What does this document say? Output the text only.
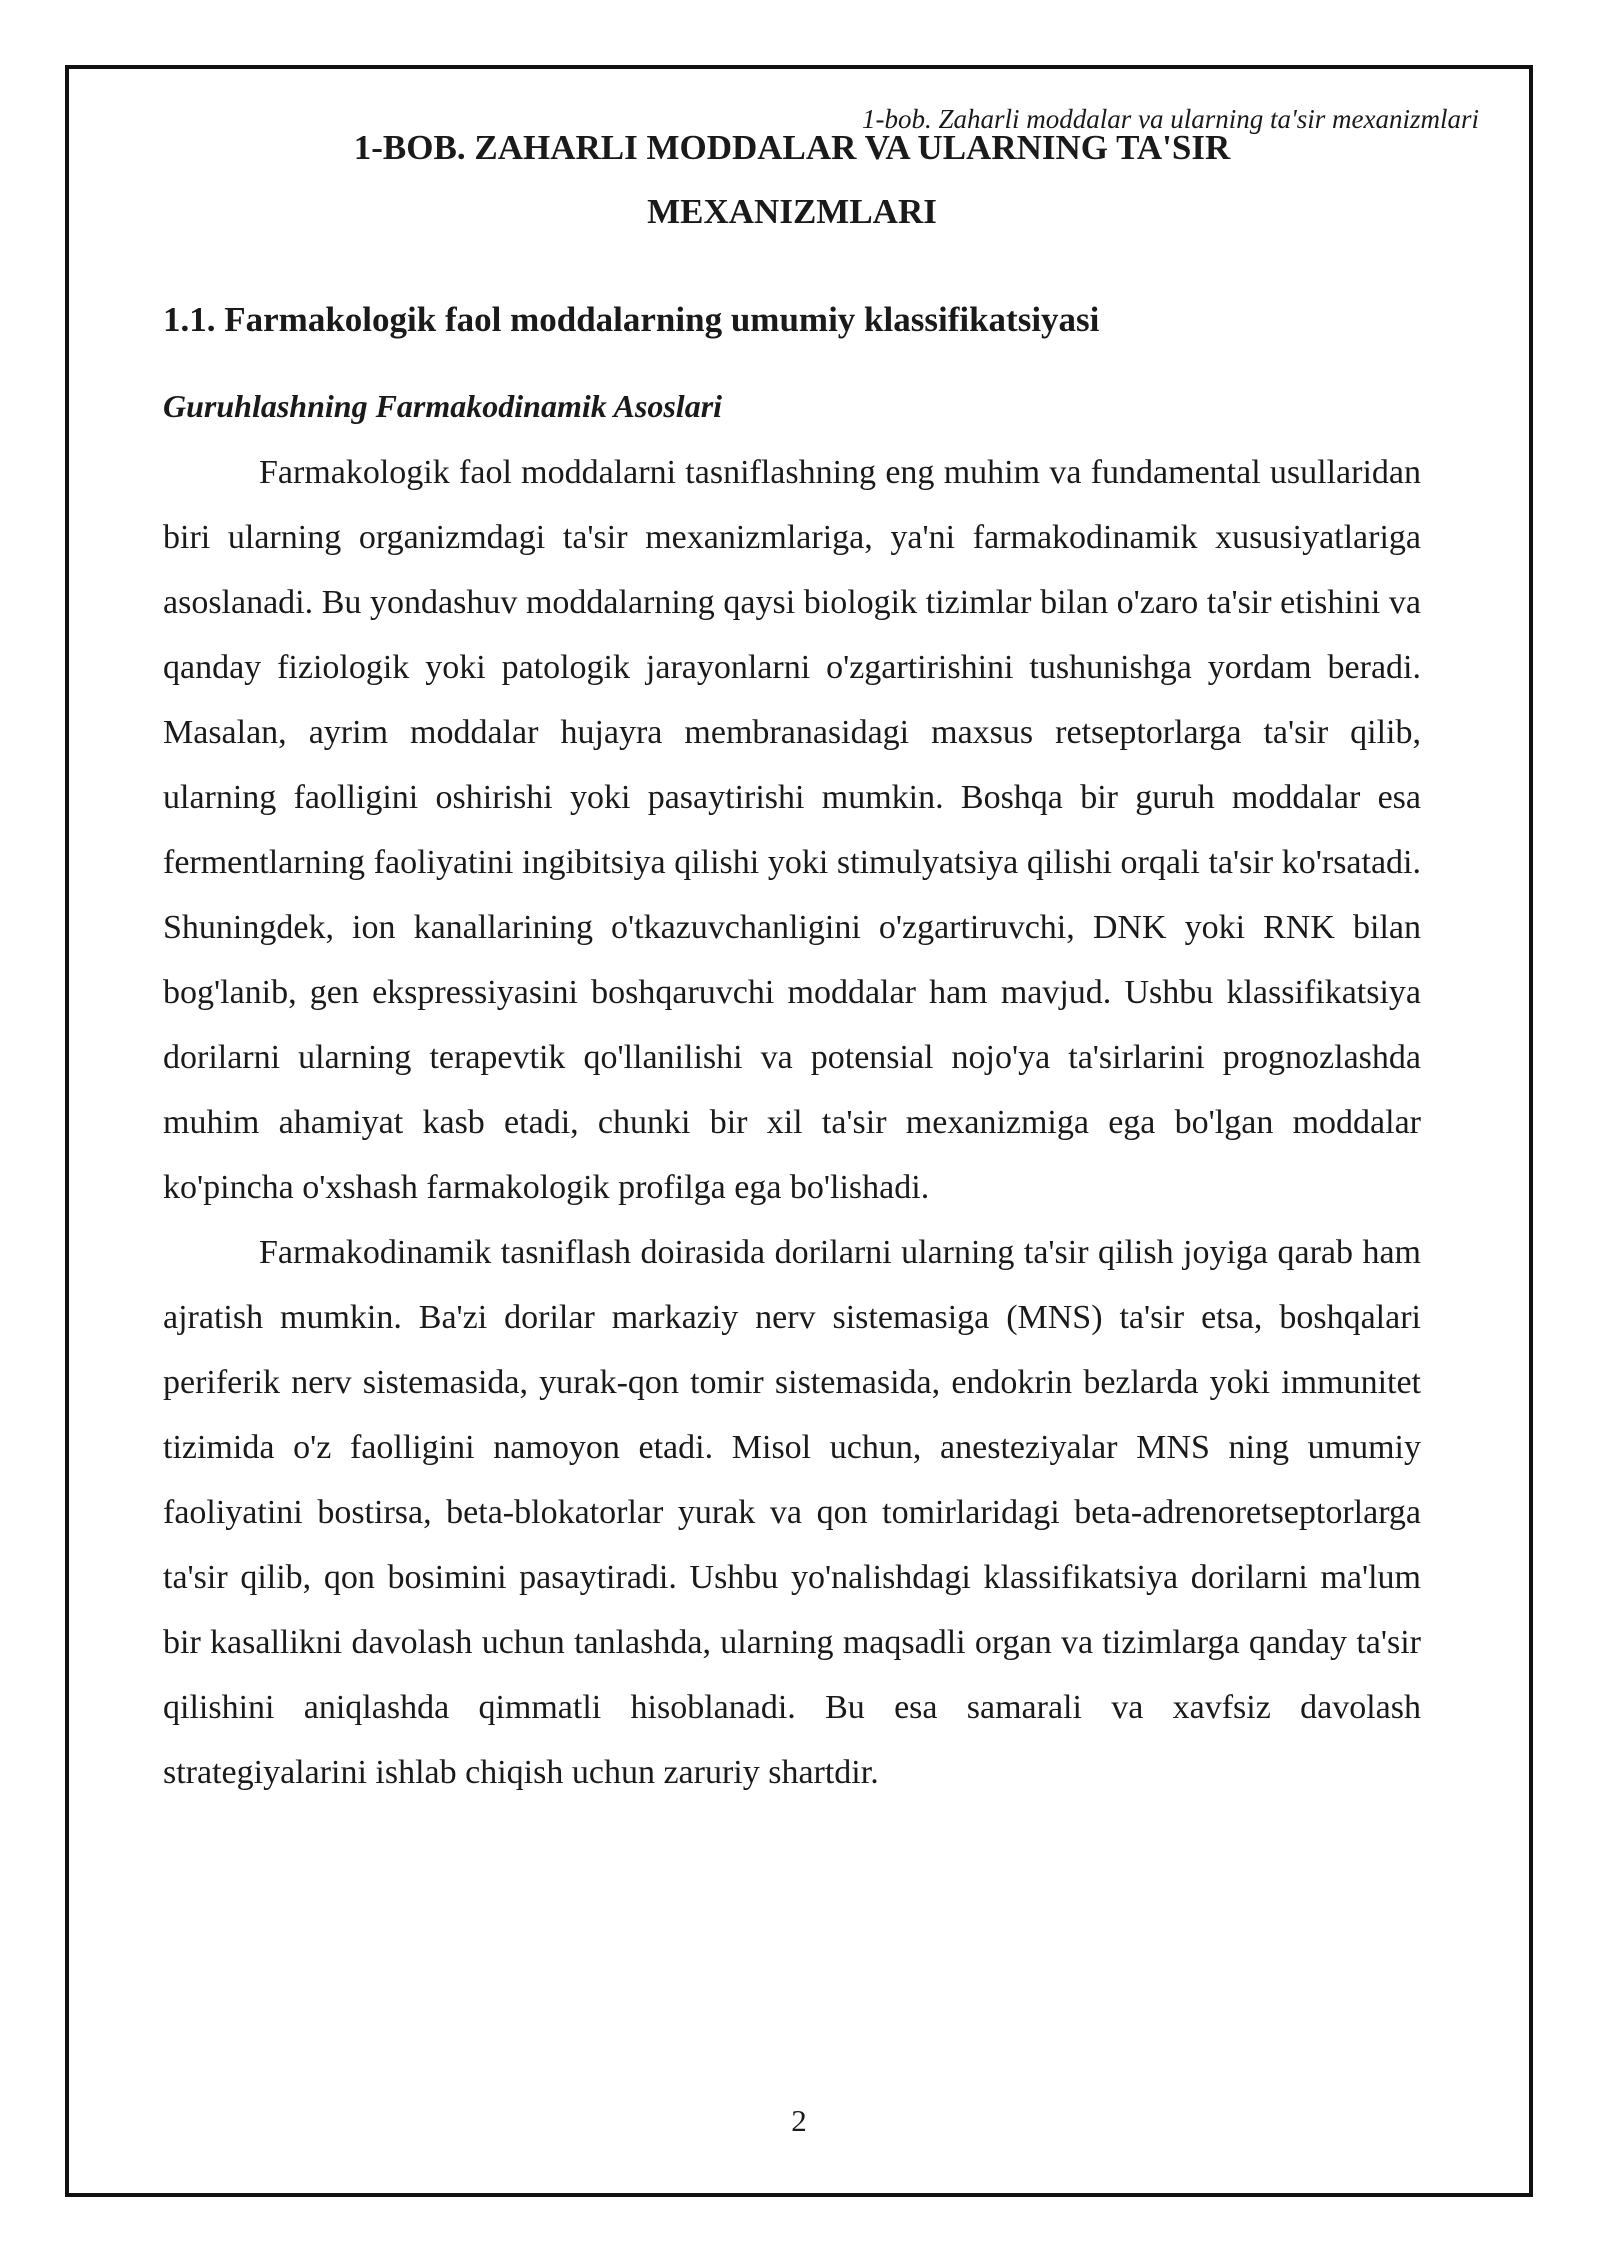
1-bob. Zaharli moddalar va ularning ta'sir mexanizmlari
2
1-BOB. ZAHARLI MODDALAR VA ULARNING TA'SIR
MEXANIZMLARI
1.1. Farmakologik faol moddalarning umumiy klassifikatsiyasi
Guruhlashning Farmakodinamik Asoslari

Farmakologik faol moddalarni tasniflashning eng muhim va fundamental usullaridan biri ularning organizmdagi ta'sir mexanizmlariga, ya'ni farmakodinamik xususiyatlariga asoslanadi. Bu yondashuv moddalarning qaysi biologik tizimlar bilan o'zaro ta'sir etishini va qanday fiziologik yoki patologik jarayonlarni o'zgartirishini tushunishga yordam beradi. Masalan, ayrim moddalar hujayra membranasidagi maxsus retseptorlarga ta'sir qilib, ularning faolligini oshirishi yoki pasaytirishi mumkin. Boshqa bir guruh moddalar esa fermentlarning faoliyatini ingibitsiya qilishi yoki stimulyatsiya qilishi orqali ta'sir ko'rsatadi. Shuningdek, ion kanallarining o'tkazuvchanligini o'zgartiruvchi, DNK yoki RNK bilan bog'lanib, gen ekspressiyasini boshqaruvchi moddalar ham mavjud. Ushbu klassifikatsiya dorilarni ularning terapevtik qo'llanilishi va potensial nojo'ya ta'sirlarini prognozlashda muhim ahamiyat kasb etadi, chunki bir xil ta'sir mexanizmiga ega bo'lgan moddalar ko'pincha o'xshash farmakologik profilga ega bo'lishadi.

Farmakodinamik tasniflash doirasida dorilarni ularning ta'sir qilish joyiga qarab ham ajratish mumkin. Ba'zi dorilar markaziy nerv sistemasiga (MNS) ta'sir etsa, boshqalari periferik nerv sistemasida, yurak-qon tomir sistemasida, endokrin bezlarda yoki immunitet tizimida o'z faolligini namoyon etadi. Misol uchun, anesteziyalar MNS ning umumiy faoliyatini bostirsa, beta-blokatorlar yurak va qon tomirlaridagi beta-adrenoretseptorlarga ta'sir qilib, qon bosimini pasaytiradi. Ushbu yo'nalishdagi klassifikatsiya dorilarni ma'lum bir kasallikni davolash uchun tanlashda, ularning maqsadli organ va tizimlarga qanday ta'sir qilishini aniqlashda qimmatli hisoblanadi. Bu esa samarali va xavfsiz davolash strategiyalarini ishlab chiqish uchun zaruriy shartdir.
